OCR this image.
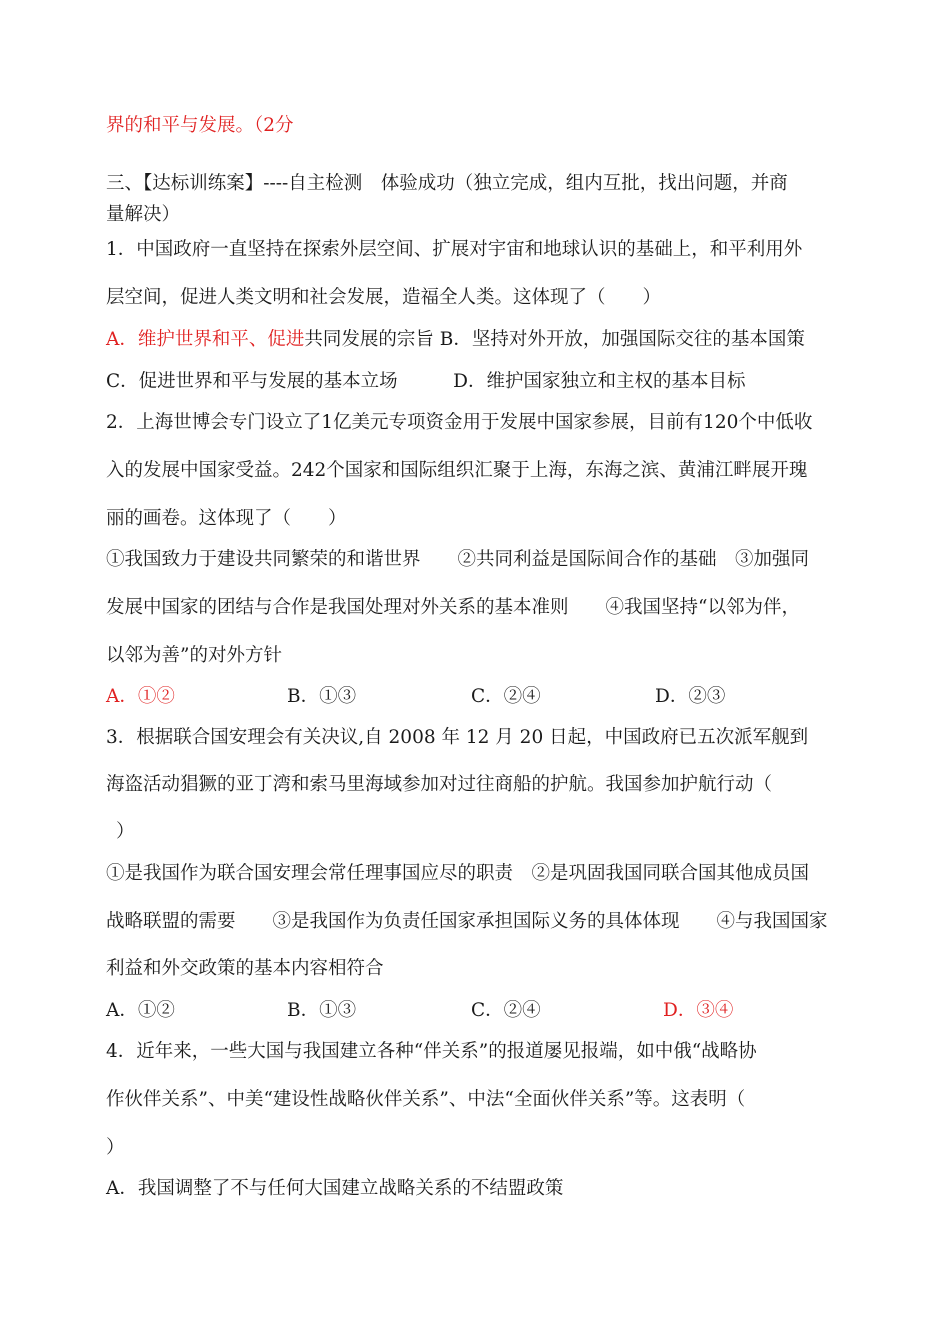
界的和平与发展。（2分
三、【达标训练案】----自主检测　体验成功（独立完成，组内互批，找出问题，并商
量解决）
1．中国政府一直坚持在探索外层空间、扩展对宇宙和地球认识的基础上，和平利用外
层空间，促进人类文明和社会发展，造福全人类。这体现了（　　）
A．维护世界和平、促进共同发展的宗旨 B．坚持对外开放，加强国际交往的基本国策
C．促进世界和平与发展的基本立场　　　D．维护国家独立和主权的基本目标
2．上海世博会专门设立了1亿美元专项资金用于发展中国家参展，目前有120个中低收
入的发展中国家受益。242个国家和国际组织汇聚于上海，东海之滨、黄浦江畔展开瑰
丽的画卷。这体现了（　　）
①我国致力于建设共同繁荣的和谐世界　　②共同利益是国际间合作的基础　③加强同
发展中国家的团结与合作是我国处理对外关系的基本准则　　④我国坚持“以邻为伴，
以邻为善”的对外方针
A．①②	B．①③	C．②④	D．②③
3．根据联合国安理会有关决议,自 2008 年 12 月 20 日起，中国政府已五次派军舰到
海盗活动猖獗的亚丁湾和索马里海域参加对过往商船的护航。我国参加护航行动（
）
①是我国作为联合国安理会常任理事国应尽的职责　②是巩固我国同联合国其他成员国
战略联盟的需要　　③是我国作为负责任国家承担国际义务的具体体现　　④与我国国家
利益和外交政策的基本内容相符合
A．①②	B．①③	C．②④	D．③④
4．近年来，一些大国与我国建立各种“伴关系”的报道屡见报端，如中俄“战略协
作伙伴关系”、中美“建设性战略伙伴关系”、中法“全面伙伴关系”等。这表明（
）
A．我国调整了不与任何大国建立战略关系的不结盟政策
